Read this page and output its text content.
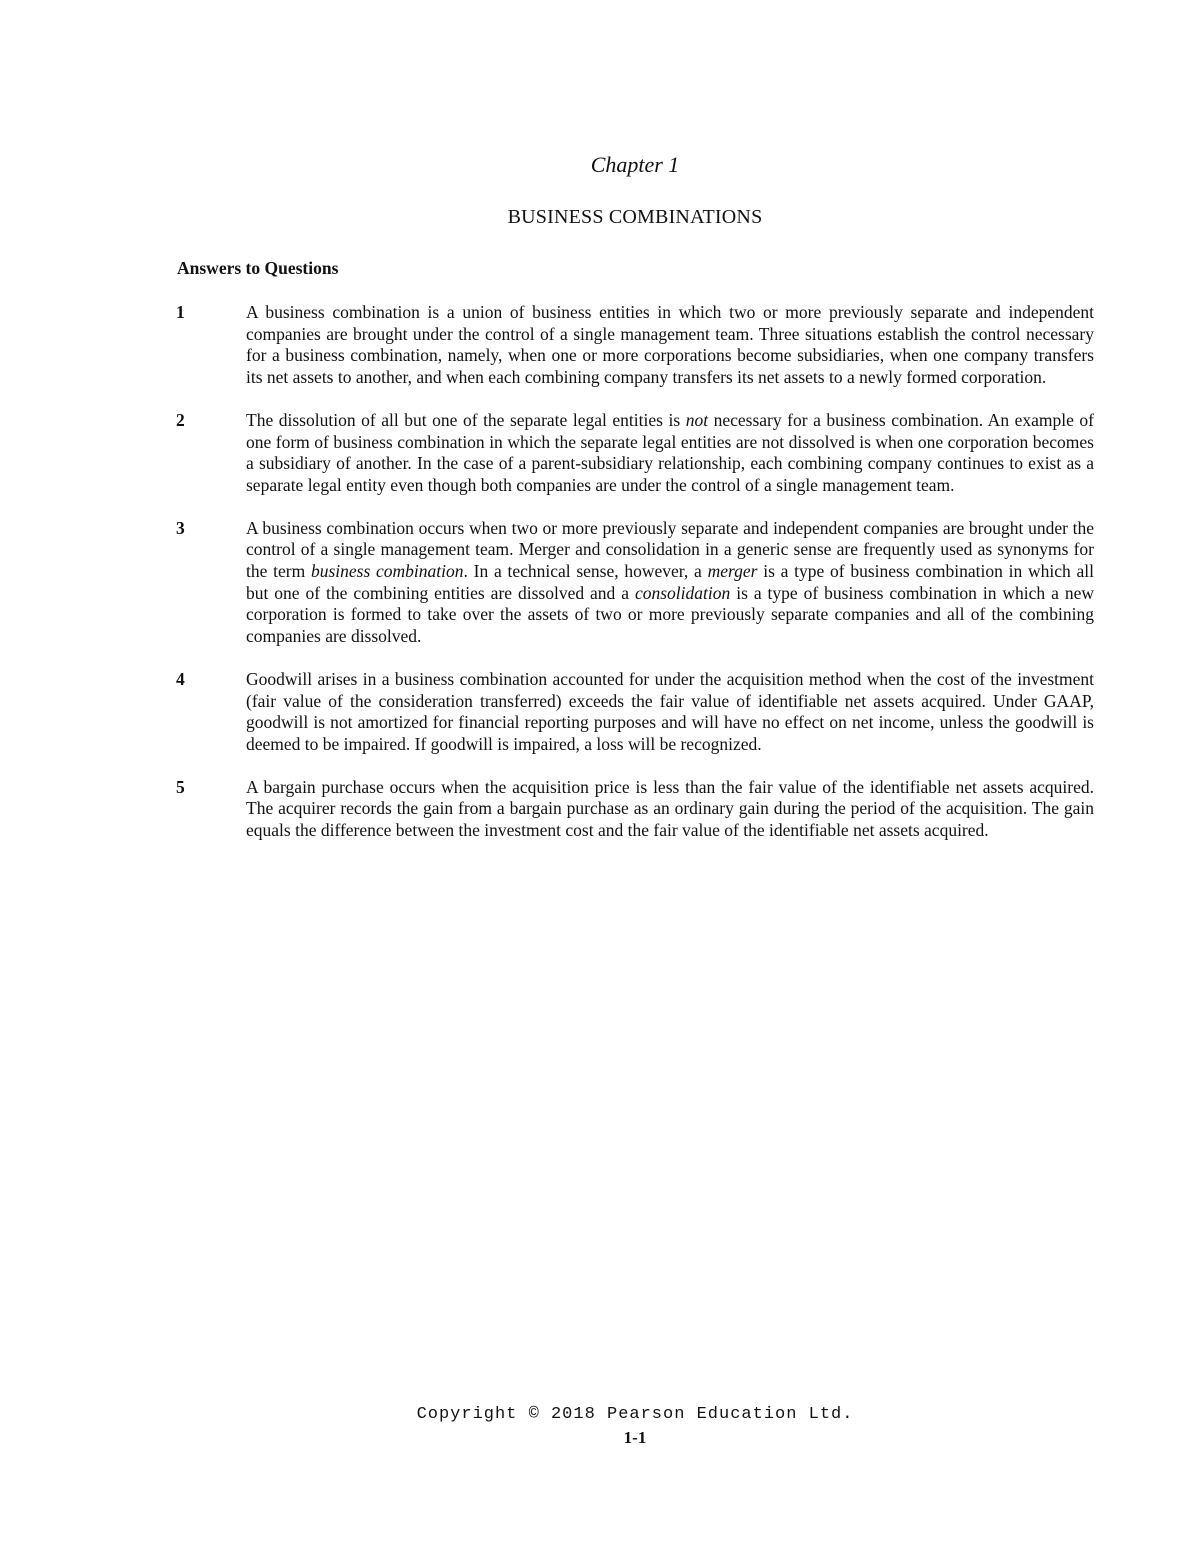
Chapter 1
BUSINESS COMBINATIONS
Answers to Questions
1	A business combination is a union of business entities in which two or more previously separate and independent companies are brought under the control of a single management team. Three situations establish the control necessary for a business combination, namely, when one or more corporations become subsidiaries, when one company transfers its net assets to another, and when each combining company transfers its net assets to a newly formed corporation.
2	The dissolution of all but one of the separate legal entities is not necessary for a business combination. An example of one form of business combination in which the separate legal entities are not dissolved is when one corporation becomes a subsidiary of another. In the case of a parent-subsidiary relationship, each combining company continues to exist as a separate legal entity even though both companies are under the control of a single management team.
3	A business combination occurs when two or more previously separate and independent companies are brought under the control of a single management team. Merger and consolidation in a generic sense are frequently used as synonyms for the term business combination. In a technical sense, however, a merger is a type of business combination in which all but one of the combining entities are dissolved and a consolidation is a type of business combination in which a new corporation is formed to take over the assets of two or more previously separate companies and all of the combining companies are dissolved.
4	Goodwill arises in a business combination accounted for under the acquisition method when the cost of the investment (fair value of the consideration transferred) exceeds the fair value of identifiable net assets acquired. Under GAAP, goodwill is not amortized for financial reporting purposes and will have no effect on net income, unless the goodwill is deemed to be impaired. If goodwill is impaired, a loss will be recognized.
5	A bargain purchase occurs when the acquisition price is less than the fair value of the identifiable net assets acquired. The acquirer records the gain from a bargain purchase as an ordinary gain during the period of the acquisition. The gain equals the difference between the investment cost and the fair value of the identifiable net assets acquired.
Copyright © 2018 Pearson Education Ltd.
1-1
